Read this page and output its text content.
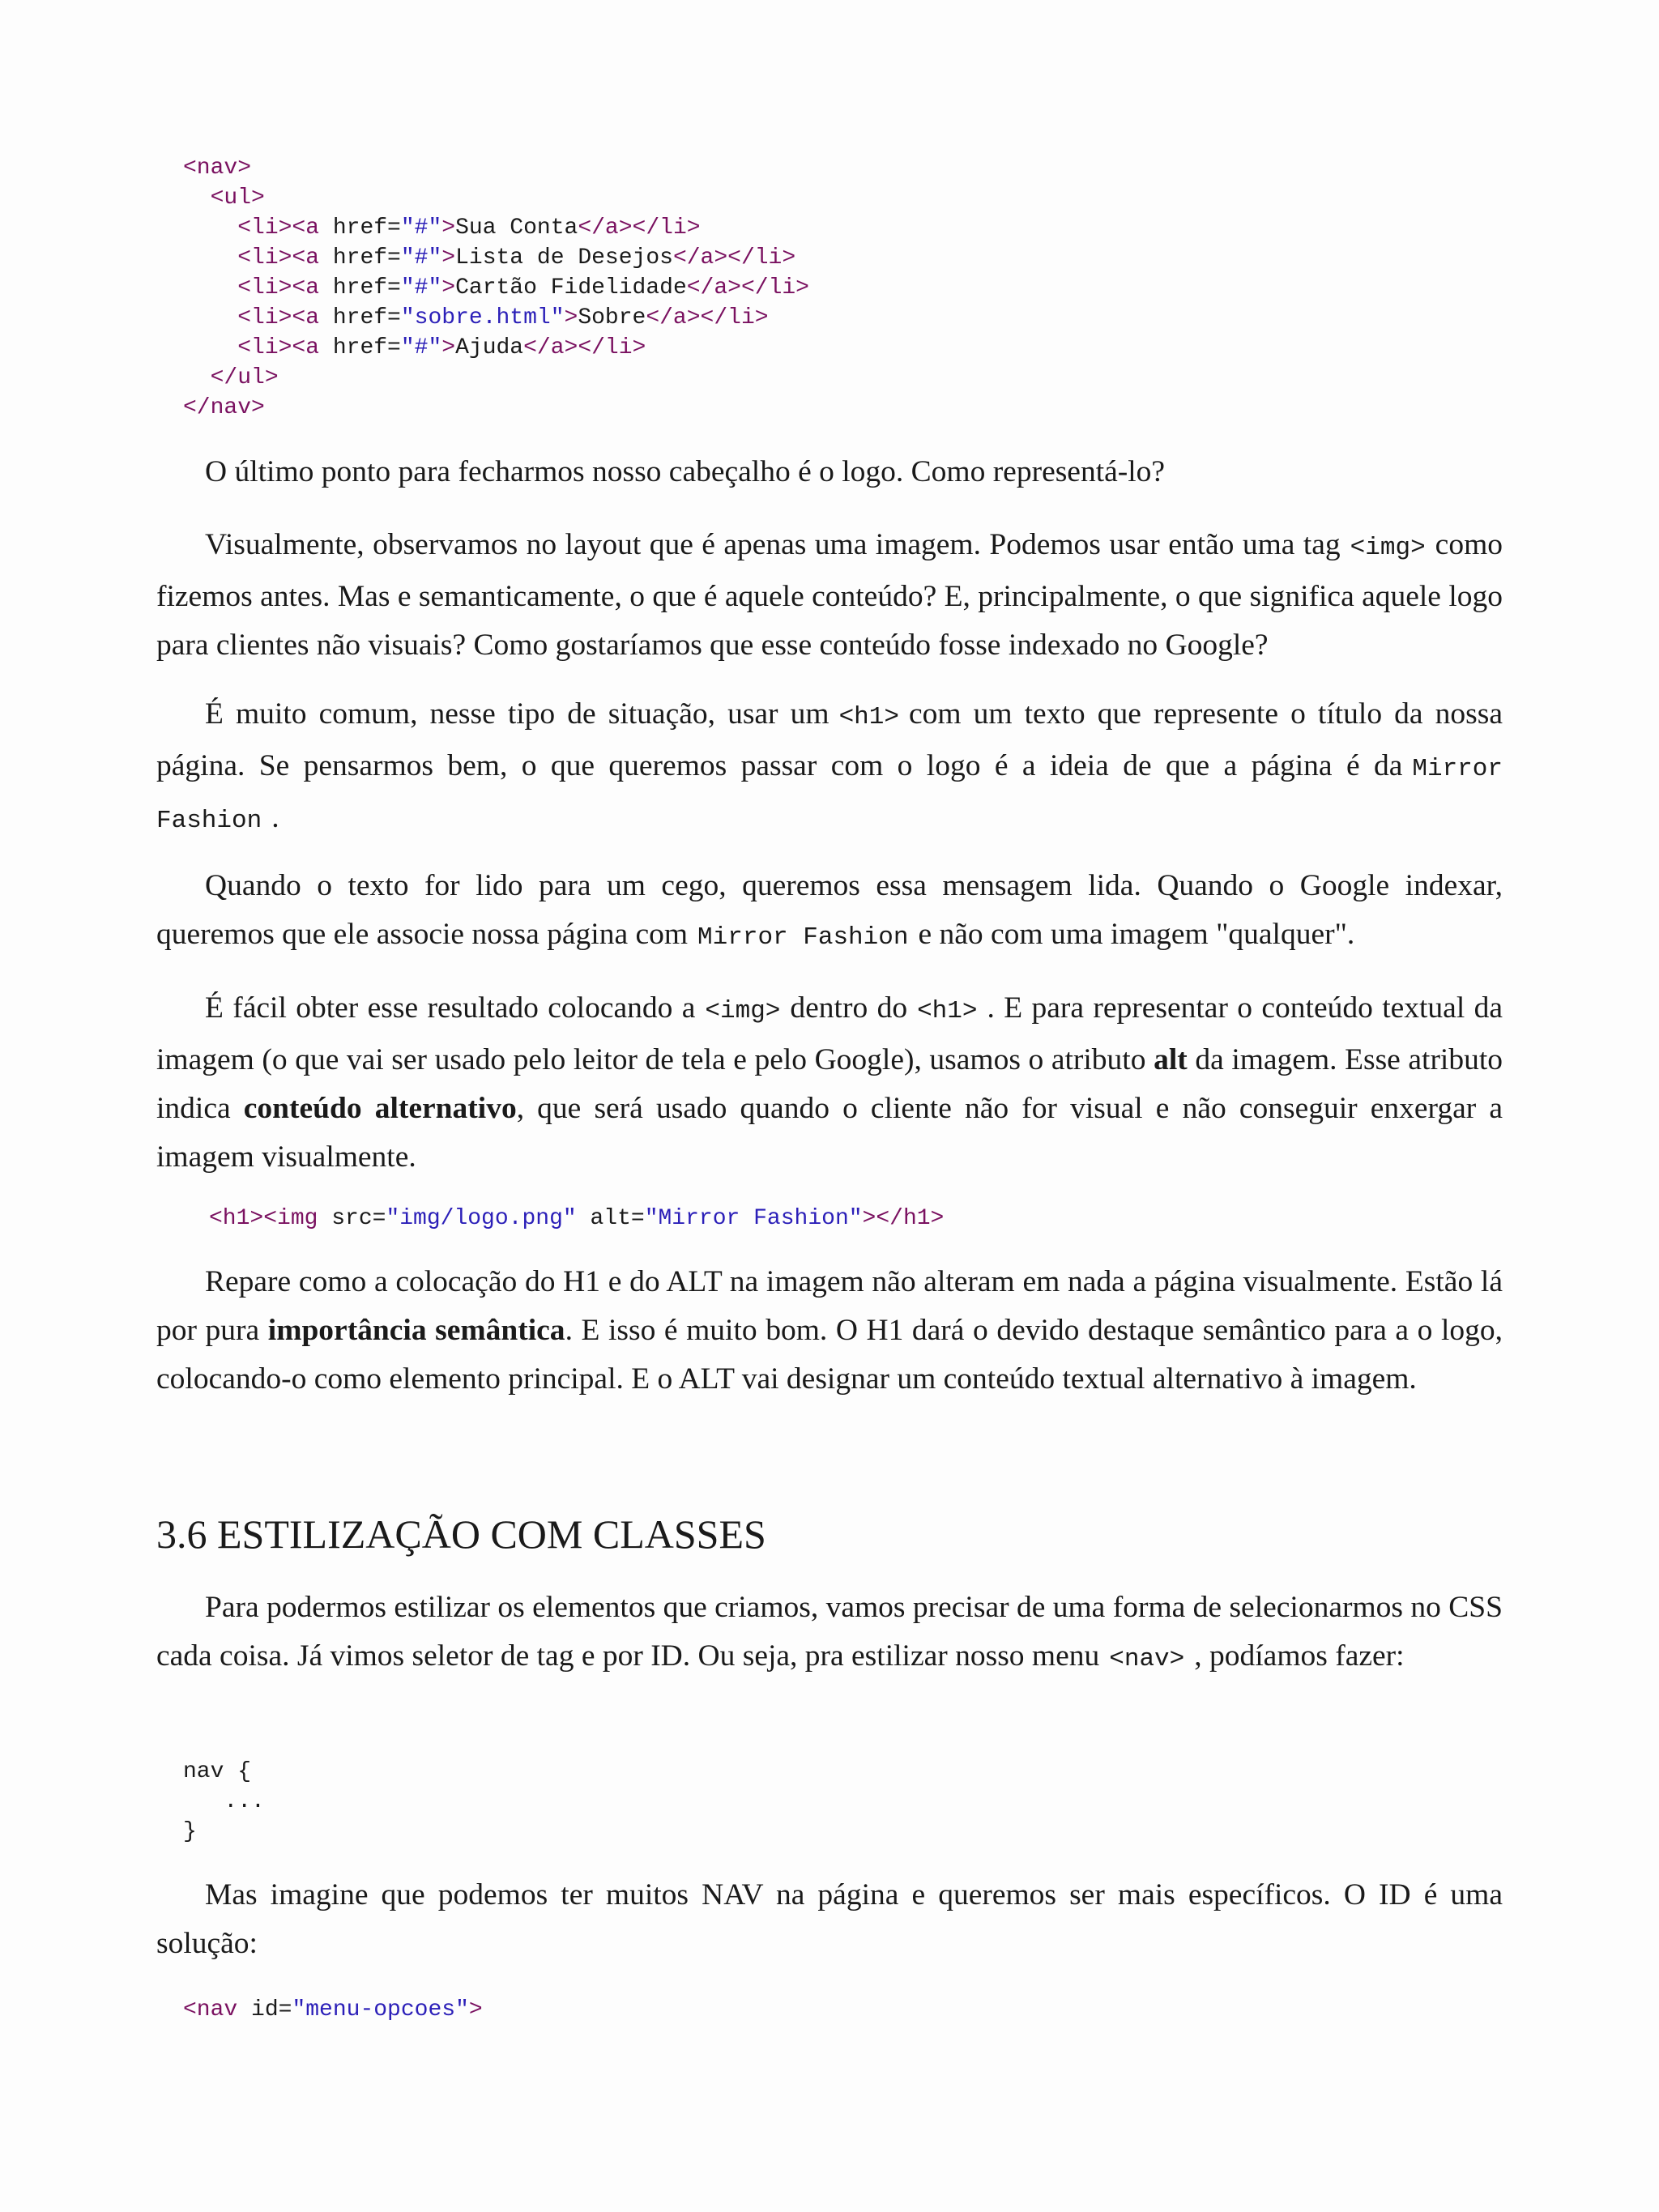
<nav>
<ul>
<li><a href="#">Sua Conta</a></li>
<li><a href="#">Lista de Desejos</a></li>
<li><a href="#">Cartão Fidelidade</a></li>
<li><a href="sobre.html">Sobre</a></li>
<li><a href="#">Ajuda</a></li>
</ul>
</nav>

O último ponto para fecharmos nosso cabeçalho é o logo. Como representá-lo?

Visualmente, observamos no layout que é apenas uma imagem. Podemos usar então uma tag <img> como fizemos antes. Mas e semanticamente, o que é aquele conteúdo? E, principalmente, o que significa aquele logo para clientes não visuais? Como gostaríamos que esse conteúdo fosse indexado no Google?

É muito comum, nesse tipo de situação, usar um <h1> com um texto que represente o título da nossa página. Se pensarmos bem, o que queremos passar com o logo é a ideia de que a página é da Mirror Fashion .

Quando o texto for lido para um cego, queremos essa mensagem lida. Quando o Google indexar, queremos que ele associe nossa página com Mirror Fashion e não com uma imagem "qualquer".

É fácil obter esse resultado colocando a <img> dentro do <h1> . E para representar o conteúdo textual da imagem (o que vai ser usado pelo leitor de tela e pelo Google), usamos o atributo alt da imagem. Esse atributo indica conteúdo alternativo, que será usado quando o cliente não for visual e não conseguir enxergar a imagem visualmente.

<h1><img src="img/logo.png" alt="Mirror Fashion"></h1>

Repare como a colocação do H1 e do ALT na imagem não alteram em nada a página visualmente. Estão lá por pura importância semântica. E isso é muito bom. O H1 dará o devido destaque semântico para a o logo, colocando-o como elemento principal. E o ALT vai designar um conteúdo textual alternativo à imagem.

3.6 ESTILIZAÇÃO COM CLASSES

Para podermos estilizar os elementos que criamos, vamos precisar de uma forma de selecionarmos no CSS cada coisa. Já vimos seletor de tag e por ID. Ou seja, pra estilizar nosso menu <nav> , podíamos fazer:

nav {
...
}

Mas imagine que podemos ter muitos NAV na página e queremos ser mais específicos. O ID é uma solução:

<nav id="menu-opcoes">
